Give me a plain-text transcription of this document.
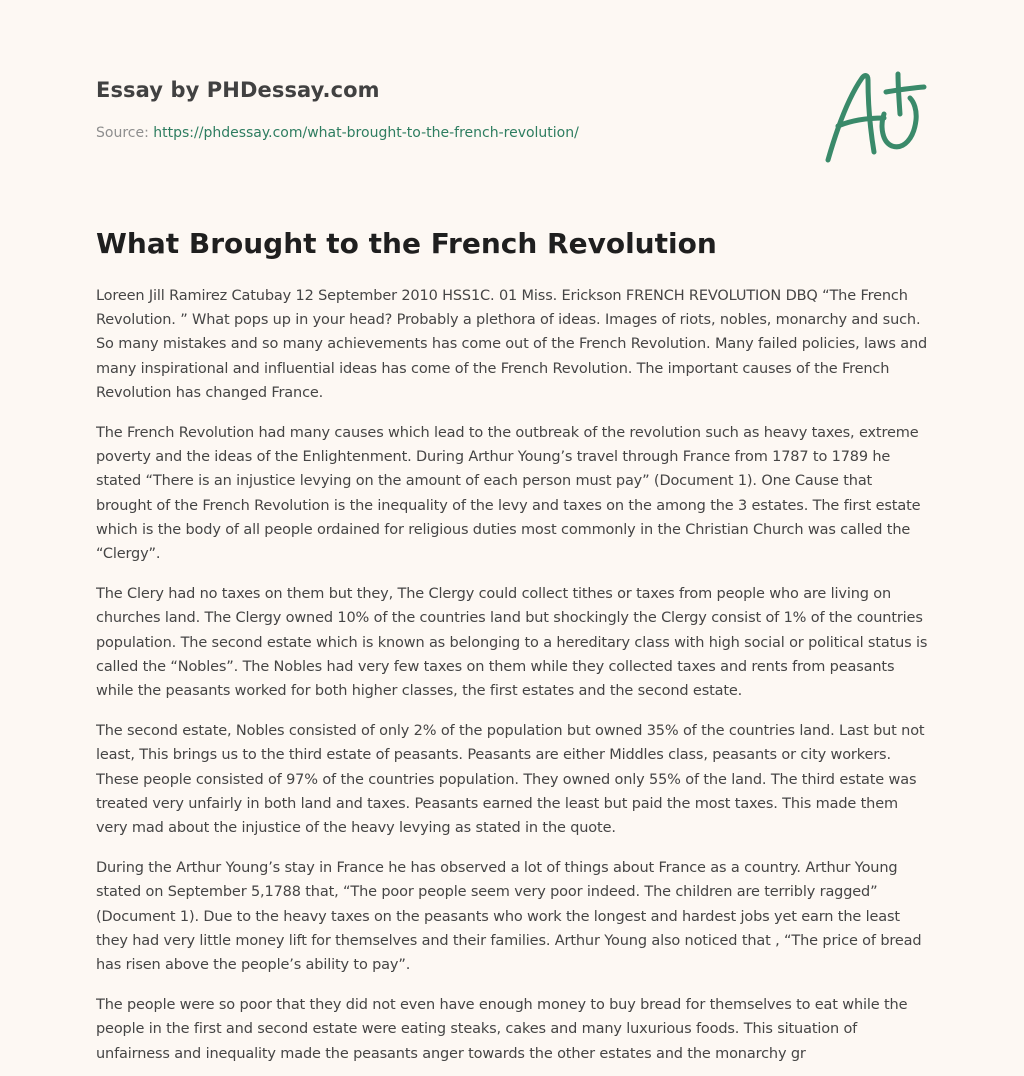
Essay by PHDessay.com
Source: https://phdessay.com/what-brought-to-the-french-revolution/
What Brought to the French Revolution

Loreen Jill Ramirez Catubay 12 September 2010 HSS1C. 01 Miss. Erickson FRENCH REVOLUTION DBQ “The French Revolution. ” What pops up in your head? Probably a plethora of ideas. Images of riots, nobles, monarchy and such. So many mistakes and so many achievements has come out of the French Revolution. Many failed policies, laws and many inspirational and influential ideas has come of the French Revolution. The important causes of the French Revolution has changed France.

The French Revolution had many causes which lead to the outbreak of the revolution such as heavy taxes, extreme poverty and the ideas of the Enlightenment. During Arthur Young’s travel through France from 1787 to 1789 he stated “There is an injustice levying on the amount of each person must pay” (Document 1). One Cause that brought of the French Revolution is the inequality of the levy and taxes on the among the 3 estates. The first estate which is the body of all people ordained for religious duties most commonly in the Christian Church was called the “Clergy”.

The Clery had no taxes on them but they, The Clergy could collect tithes or taxes from people who are living on churches land. The Clergy owned 10% of the countries land but shockingly the Clergy consist of 1% of the countries population. The second estate which is known as belonging to a hereditary class with high social or political status is called the “Nobles”. The Nobles had very few taxes on them while they collected taxes and rents from peasants while the peasants worked for both higher classes, the first estates and the second estate.

The second estate, Nobles consisted of only 2% of the population but owned 35% of the countries land. Last but not least, This brings us to the third estate of peasants. Peasants are either Middles class, peasants or city workers. These people consisted of 97% of the countries population. They owned only 55% of the land. The third estate was treated very unfairly in both land and taxes. Peasants earned the least but paid the most taxes. This made them very mad about the injustice of the heavy levying as stated in the quote.

During the Arthur Young’s stay in France he has observed a lot of things about France as a country. Arthur Young stated on September 5,1788 that, “The poor people seem very poor indeed. The children are terribly ragged” (Document 1). Due to the heavy taxes on the peasants who work the longest and hardest jobs yet earn the least they had very little money lift for themselves and their families. Arthur Young also noticed that , “The price of bread has risen above the people’s ability to pay”.

The people were so poor that they did not even have enough money to buy bread for themselves to eat while the people in the first and second estate were eating steaks, cakes and many luxurious foods. This situation of unfairness and inequality made the peasants anger towards the other estates and the monarchy gr
